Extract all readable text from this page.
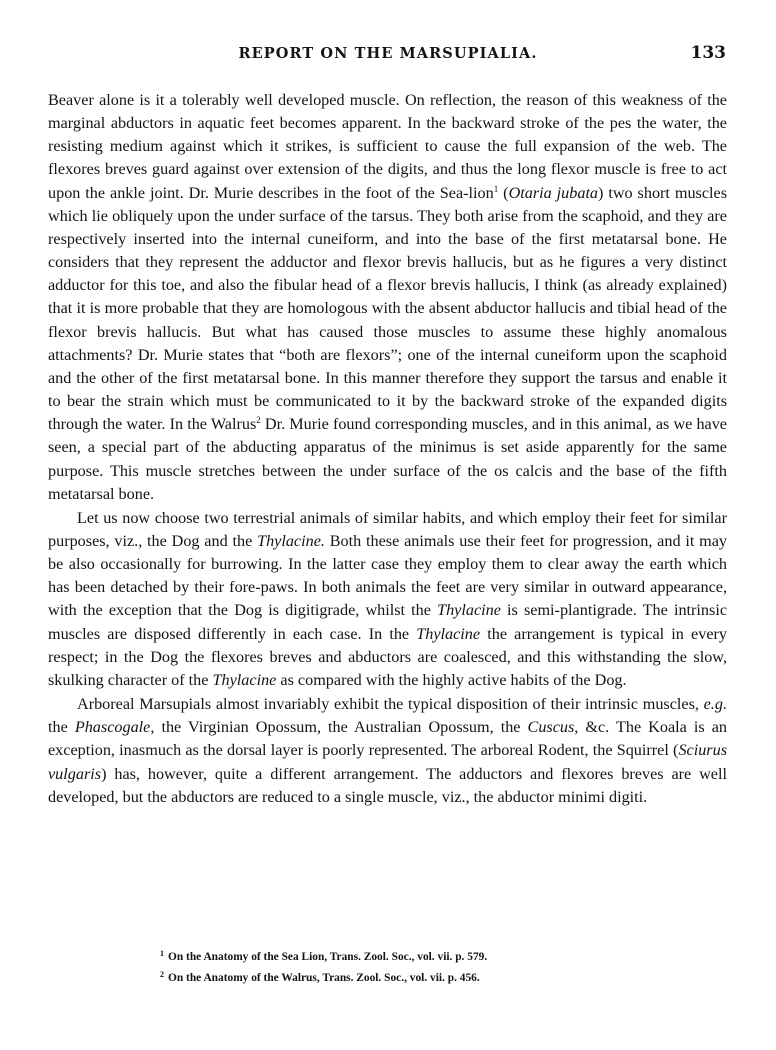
REPORT ON THE MARSUPIALIA.	133

Beaver alone is it a tolerably well developed muscle. On reflection, the reason of this weakness of the marginal abductors in aquatic feet becomes apparent. In the backward stroke of the pes the water, the resisting medium against which it strikes, is sufficient to cause the full expansion of the web. The flexores breves guard against over extension of the digits, and thus the long flexor muscle is free to act upon the ankle joint. Dr. Murie describes in the foot of the Sea-lion$^1$ (Otaria jubata) two short muscles which lie obliquely upon the under surface of the tarsus. They both arise from the scaphoid, and they are respectively inserted into the internal cuneiform, and into the base of the first metatarsal bone. He considers that they represent the adductor and flexor brevis hallucis, but as he figures a very distinct adductor for this toe, and also the fibular head of a flexor brevis hallucis, I think (as already explained) that it is more probable that they are homologous with the absent abductor hallucis and tibial head of the flexor brevis hallucis. But what has caused those muscles to assume these highly anomalous attachments? Dr. Murie states that “both are flexors”; one of the internal cuneiform upon the scaphoid and the other of the first metatarsal bone. In this manner therefore they support the tarsus and enable it to bear the strain which must be communicated to it by the backward stroke of the expanded digits through the water. In the Walrus$^2$ Dr. Murie found corresponding muscles, and in this animal, as we have seen, a special part of the abducting apparatus of the minimus is set aside apparently for the same purpose. This muscle stretches between the under surface of the os calcis and the base of the fifth metatarsal bone.

Let us now choose two terrestrial animals of similar habits, and which employ their feet for similar purposes, viz., the Dog and the Thylacine. Both these animals use their feet for progression, and it may be also occasionally for burrowing. In the latter case they employ them to clear away the earth which has been detached by their fore-paws. In both animals the feet are very similar in outward appearance, with the exception that the Dog is digitigrade, whilst the Thylacine is semi-plantigrade. The intrinsic muscles are disposed differently in each case. In the Thylacine the arrangement is typical in every respect; in the Dog the flexores breves and abductors are coalesced, and this withstanding the slow, skulking character of the Thylacine as compared with the highly active habits of the Dog.

Arboreal Marsupials almost invariably exhibit the typical disposition of their intrinsic muscles, e.g. the Phascogale, the Virginian Opossum, the Australian Opossum, the Cuscus, &c. The Koala is an exception, inasmuch as the dorsal layer is poorly represented. The arboreal Rodent, the Squirrel (Sciurus vulgaris) has, however, quite a different arrangement. The adductors and flexores breves are well developed, but the abductors are reduced to a single muscle, viz., the abductor minimi digiti.

$^1$ On the Anatomy of the Sea Lion, Trans. Zool. Soc., vol. vii. p. 579.
$^2$ On the Anatomy of the Walrus, Trans. Zool. Soc., vol. vii. p. 456.
